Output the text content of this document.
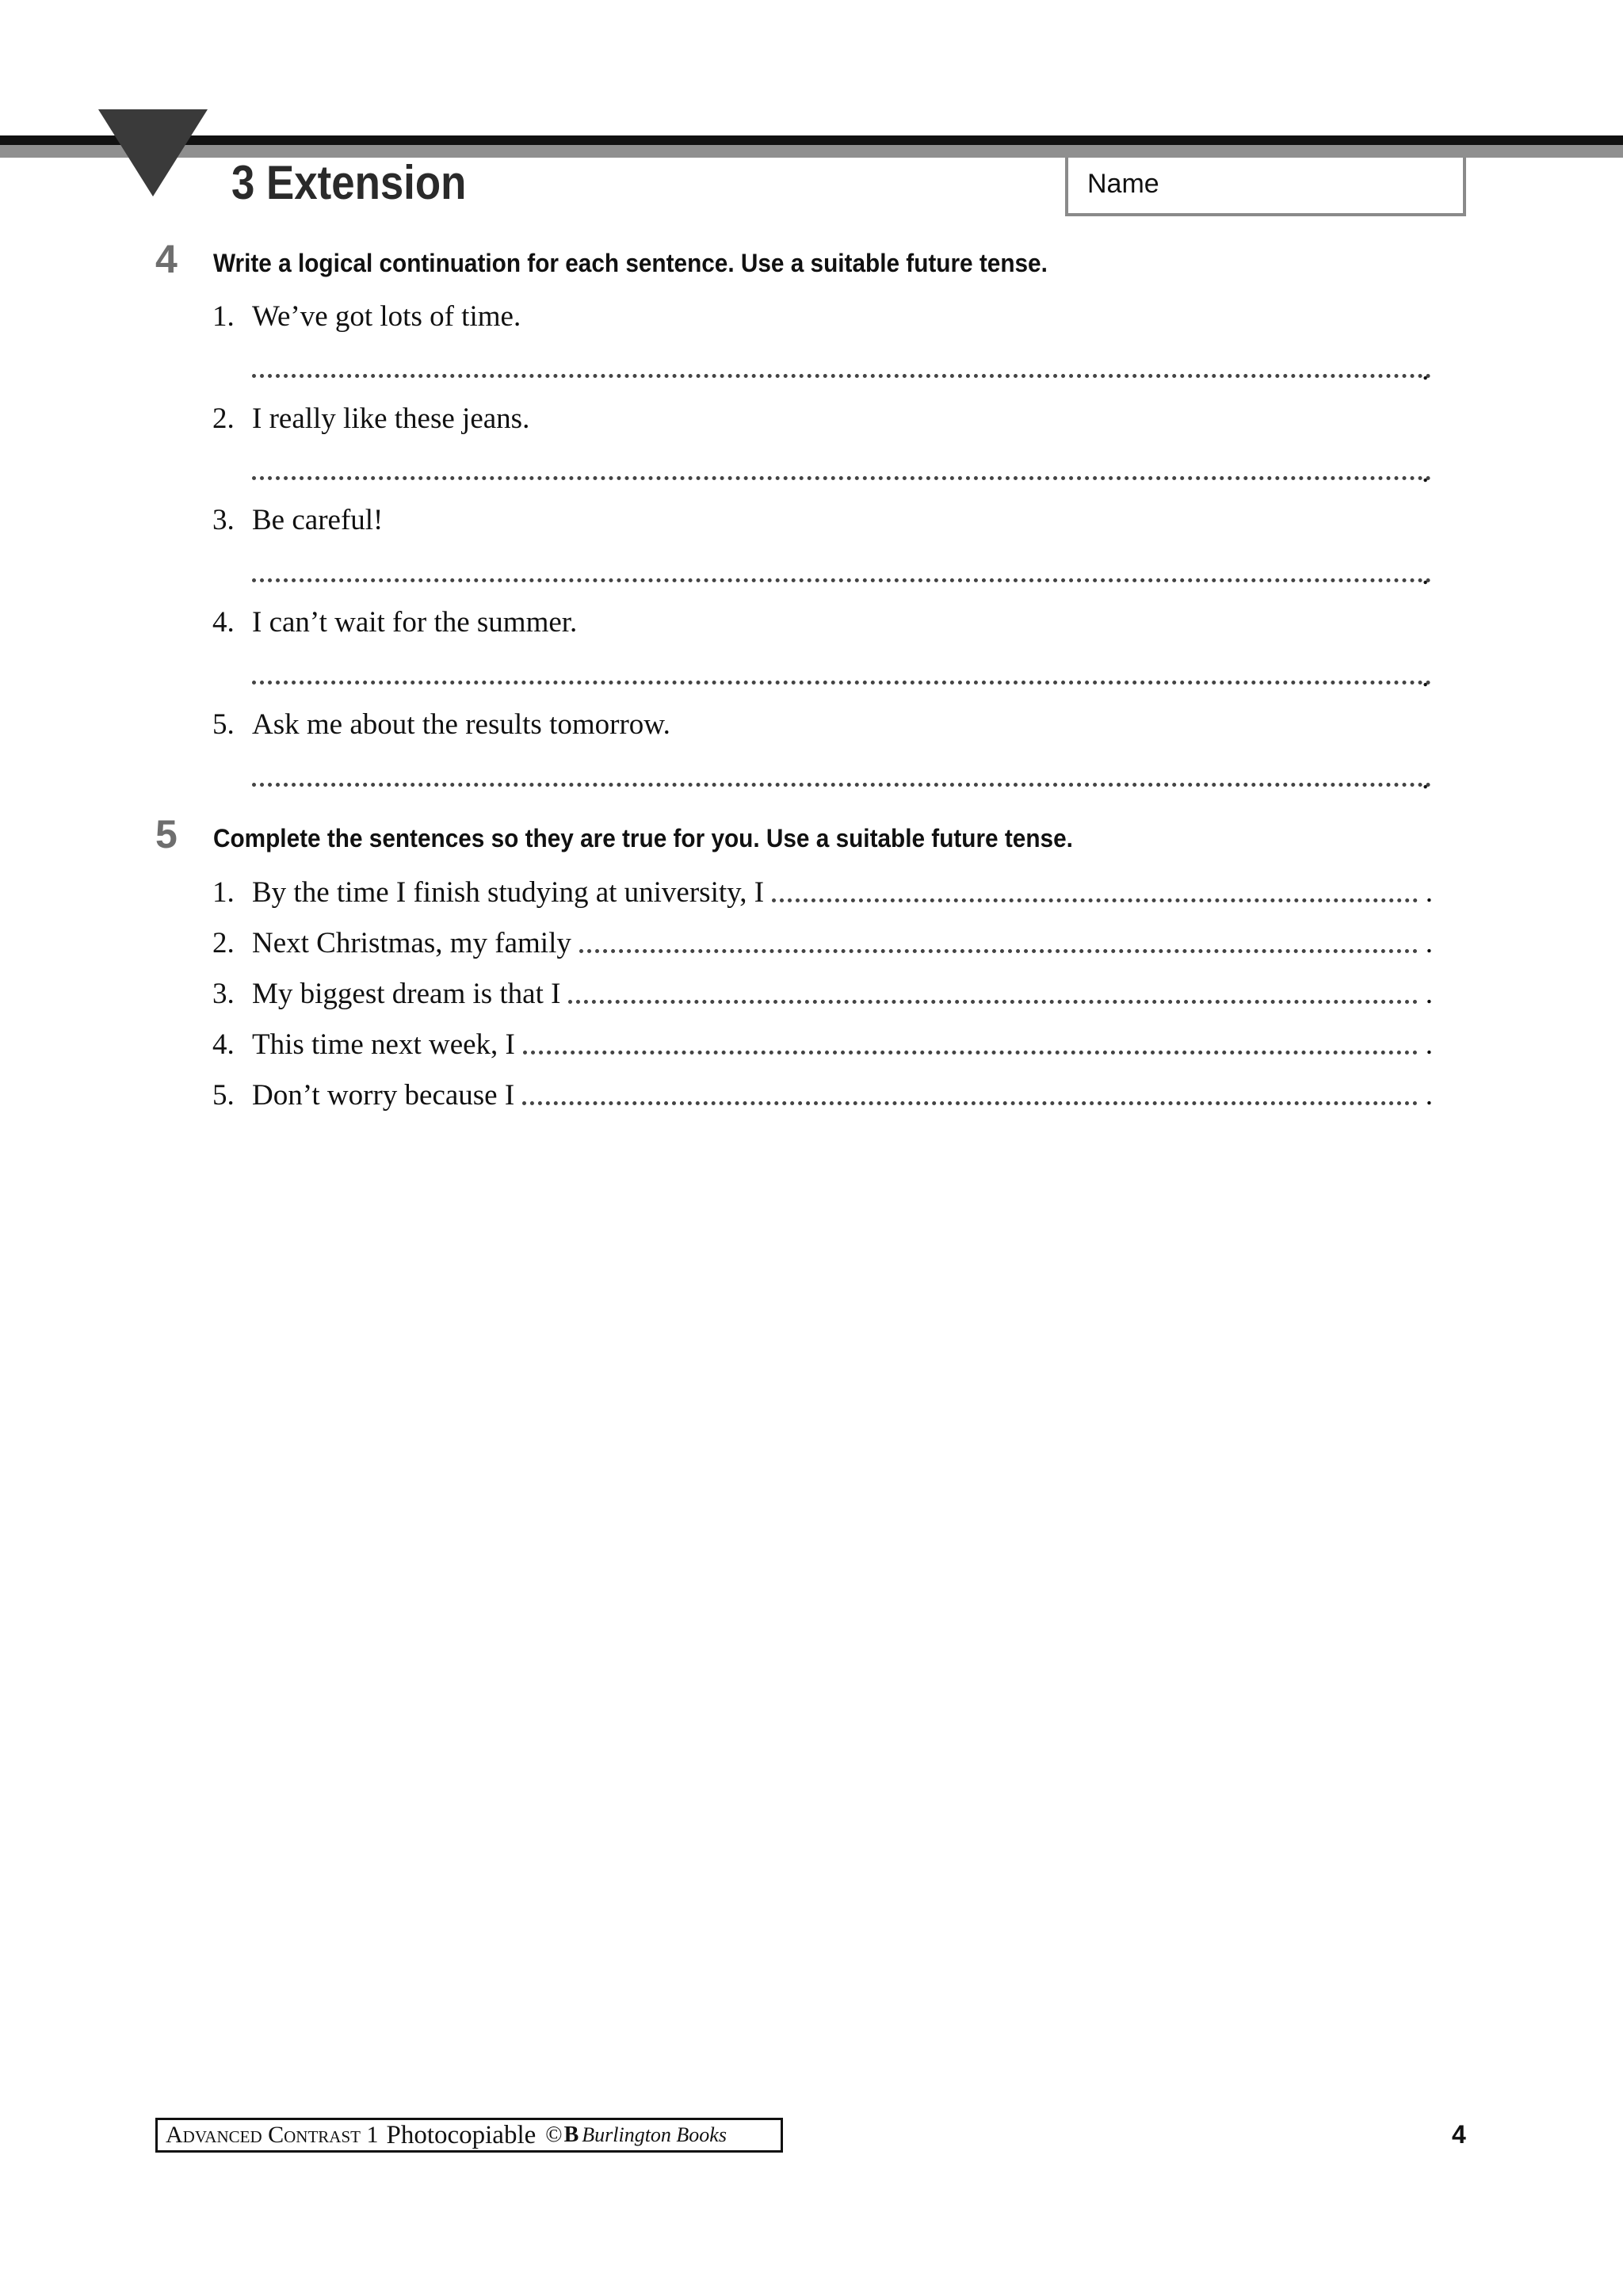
3 Extension	Name
4 Write a logical continuation for each sentence. Use a suitable future tense.
1. We’ve got lots of time.
.
2. I really like these jeans.
.
3. Be careful!
.
4. I can’t wait for the summer.
.
5. Ask me about the results tomorrow.
.
5 Complete the sentences so they are true for you. Use a suitable future tense.
1. By the time I finish studying at university, I	.
2. Next Christmas, my family	.
3. My biggest dream is that I	.
4. This time next week, I	.
5. Don’t worry because I	.
Advanced Contrast 1 Photocopiable © B Burlington Books	4
